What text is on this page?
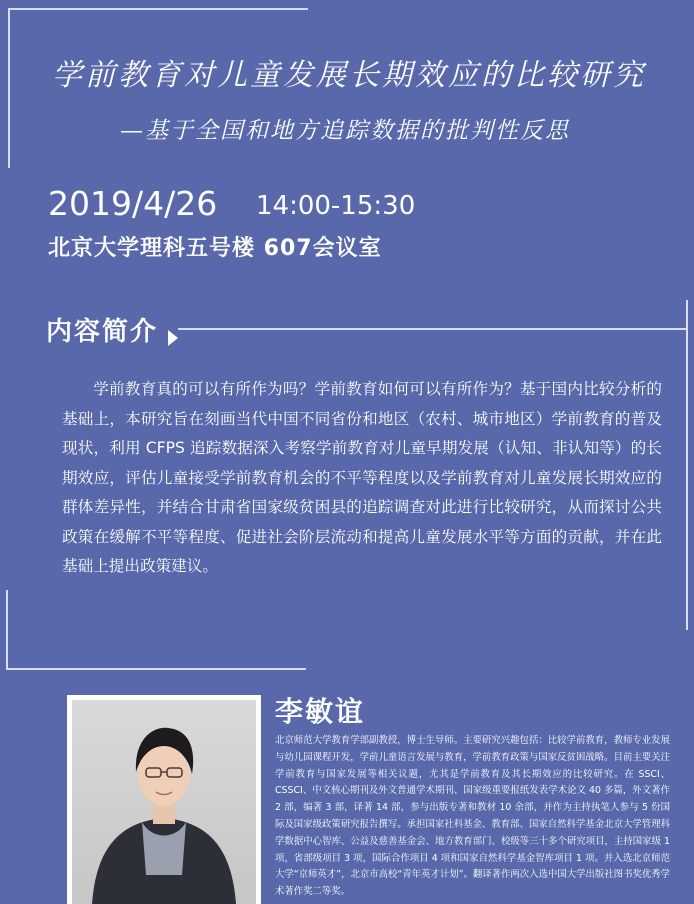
学前教育对儿童发展长期效应的比较研究
—基于全国和地方追踪数据的批判性反思
2019/4/26 14:00-15:30
北京大学理科五号楼 607会议室
内容简介

学前教育真的可以有所作为吗？学前教育如何可以有所作为？基于国内比较分析的基础上，本研究旨在刻画当代中国不同省份和地区（农村、城市地区）学前教育的普及现状，利用 CFPS 追踪数据深入考察学前教育对儿童早期发展（认知、非认知等）的长期效应，评估儿童接受学前教育机会的不平等程度以及学前教育对儿童发展长期效应的群体差异性，并结合甘肃省国家级贫困县的追踪调查对此进行比较研究，从而探讨公共政策在缓解不平等程度、促进社会阶层流动和提高儿童发展水平等方面的贡献，并在此基础上提出政策建议。

李敏谊

北京师范大学教育学部副教授，博士生导师。主要研究兴趣包括：比较学前教育，教师专业发展与幼儿园课程开发，学前儿童语言发展与教育，学前教育政策与国家反贫困战略。目前主要关注学前教育与国家发展等相关议题，尤其是学前教育及其长期效应的比较研究。在 SSCI、CSSCI、中文核心期刊及外文普通学术期刊、国家级重要报纸发表学术论文 40 多篇，外文著作 2 部，编著 3 部，译著 14 部，参与出版专著和教材 10 余部，并作为主持执笔人参与 5 份国际及国家级政策研究报告撰写。承担国家社科基金、教育部、国家自然科学基金北京大学管理科学数据中心智库、公益及慈善基金会、地方教育部门、校级等三十多个研究项目，主持国家级 1 项，省部级项目 3 项，国际合作项目 4 项和国家自然科学基金智库项目 1 项。并入选北京师范大学“京师英才”，北京市高校“青年英才计划”。翻译著作两次入选中国大学出版社图书奖优秀学术著作奖二等奖。
